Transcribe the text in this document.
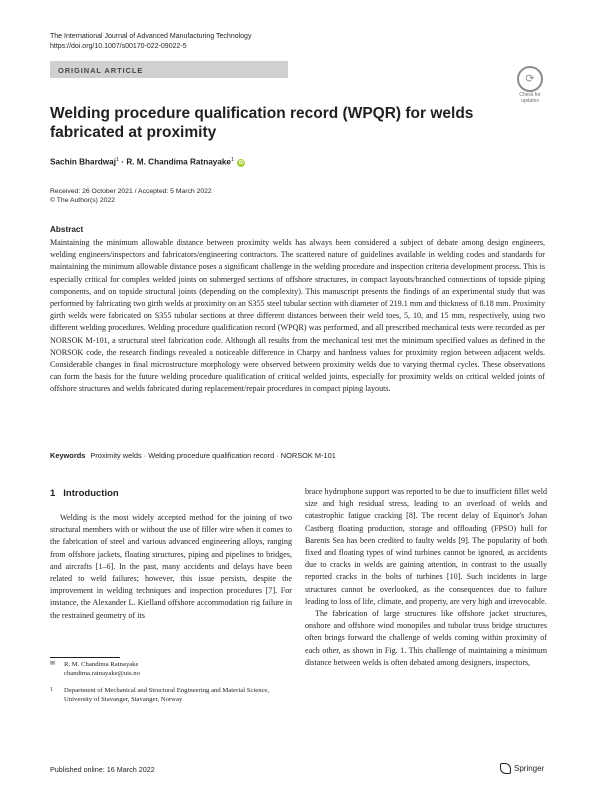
The International Journal of Advanced Manufacturing Technology
https://doi.org/10.1007/s00170-022-09022-5
ORIGINAL ARTICLE
⟳
Check for updates
Welding procedure qualification record (WPQR) for welds fabricated at proximity
Sachin Bhardwaj$^1$ · R. M. Chandima Ratnayake$^1$ iD
Received: 26 October 2021 / Accepted: 5 March 2022
© The Author(s) 2022
Abstract
Maintaining the minimum allowable distance between proximity welds has always been considered a subject of debate among design engineers, welding engineers/inspectors and fabricators/engineering contractors. The scattered nature of guidelines available in welding codes and standards for maintaining the minimum allowable distance poses a significant challenge in the welding procedure and inspection criteria development process. This is especially critical for complex welded joints on submerged sections of offshore structures, in compact layouts/branched connections of topside piping components, and on topside structural joints (depending on the complexity). This manuscript presents the findings of an experimental study that was performed by fabricating two girth welds at proximity on an S355 steel tubular section with diameter of 219.1 mm and thickness of 8.18 mm. Proximity girth welds were fabricated on S355 tubular sections at three different distances between their weld toes, 5, 10, and 15 mm, respectively, using two different welding procedures. Welding procedure qualification record (WPQR) was performed, and all prescribed mechanical tests were recorded as per NORSOK M-101, a structural steel fabrication code. Although all results from the mechanical test met the minimum specified values as defined in the NORSOK code, the research findings revealed a noticeable difference in Charpy and hardness values for proximity region between adjacent welds. Considerable changes in final microstructure morphology were observed between proximity welds due to varying thermal cycles. These observations can form the basis for the future welding procedure qualification of critical welded joints, especially for proximity welds on critical welded joints of offshore structures and welds fabricated during replacement/repair procedures in compact piping layouts.
Keywords Proximity welds · Welding procedure qualification record · NORSOK M-101
1 Introduction

Welding is the most widely accepted method for the joining of two structural members with or without the use of filler wire when it comes to the fabrication of steel and various advanced engineering alloys, ranging from offshore jackets, floating structures, piping and pipelines to bridges, and aircrafts [1–6]. In the past, many accidents and delays have been related to weld failures; however, this issue persists, despite the improvement in welding techniques and inspection procedures [7]. For instance, the Alexander L. Kielland offshore accommodation rig failure in the restrained geometry of its

brace hydrophone support was reported to be due to insufficient fillet weld size and high residual stress, leading to an overload of welds and catastrophic fatigue cracking [8]. The recent delay of Equinor's Johan Castberg floating production, storage and offloading (FPSO) hull for Barents Sea has been credited to faulty welds [9]. The popularity of both fixed and floating types of wind turbines cannot be ignored, as accidents due to cracks in welds are gaining attention, in contrast to the usually reported cracks in the bolts of turbines [10]. Such incidents in large structures cannot be overlooked, as the consequences due to failure leading to loss of life, climate, and property, are very high and irrevocable.

The fabrication of large structures like offshore jacket structures, onshore and offshore wind monopiles and tubular truss bridge structures often brings forward the challenge of welds coming within proximity of each other, as shown in Fig. 1. This challenge of maintaining a minimum distance between welds is often debated among designers, inspectors,

✉ R. M. Chandima Ratnayake
chandima.ratnayake@uis.no
1 Department of Mechanical and Structural Engineering and Material Science, University of Stavanger, Stavanger, Norway
Published online: 16 March 2022	Springer
